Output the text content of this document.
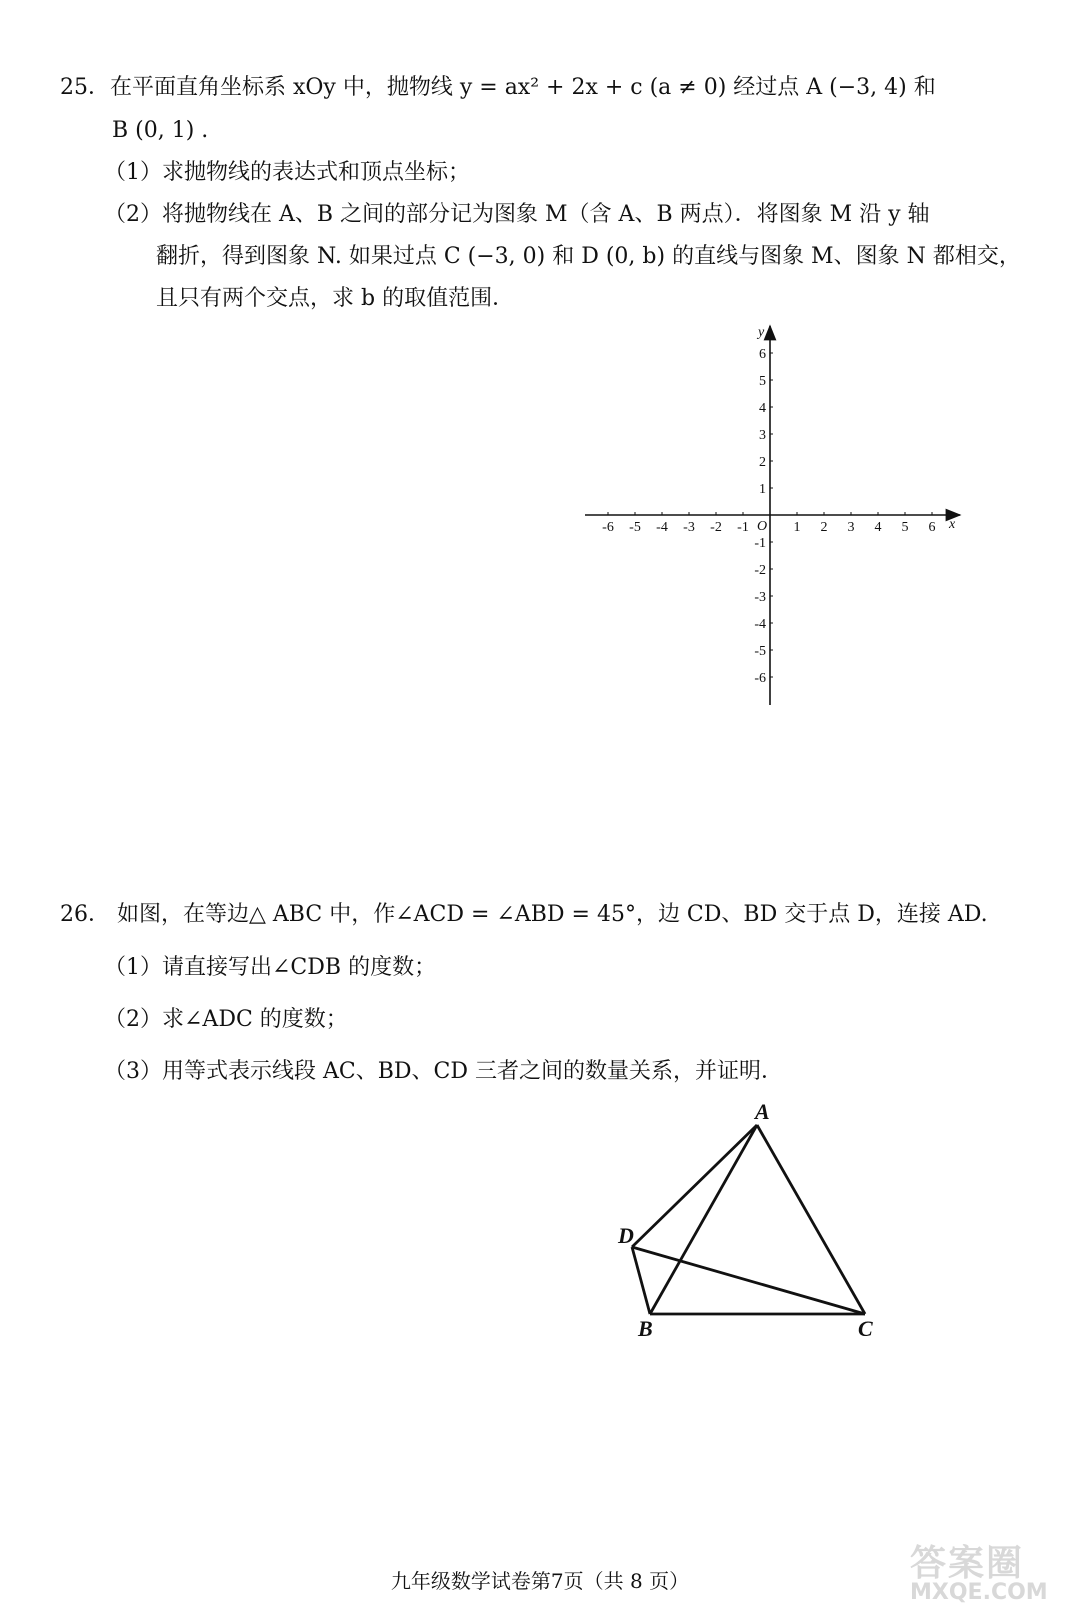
25．在平面直角坐标系 xOy 中，抛物线 y = ax² + 2x + c (a ≠ 0) 经过点 A (−3, 4) 和
B (0, 1) .
（1）求抛物线的表达式和顶点坐标；
（2）将抛物线在 A、B 之间的部分记为图象 M（含 A、B 两点）．将图象 M 沿 y 轴
翻折，得到图象 N. 如果过点 C (−3, 0) 和 D (0, b) 的直线与图象 M、图象 N 都相交，
且只有两个交点，求 b 的取值范围．
-6 -5 -4 -3 -2 -1	1 2 3 4 5 6
6
5
4
3
2
1
-1
-2
-3
-4
-5
-6
x
y
O
26． 如图，在等边△ ABC 中，作∠ACD = ∠ABD = 45°，边 CD、BD 交于点 D，连接 AD.
（1）请直接写出∠CDB 的度数；
（2）求∠ADC 的度数；
（3）用等式表示线段 AC、BD、CD 三者之间的数量关系，并证明．
A
D
B	C
九年级数学试卷第7页（共 8 页）	答案圈
MXQE.COM
